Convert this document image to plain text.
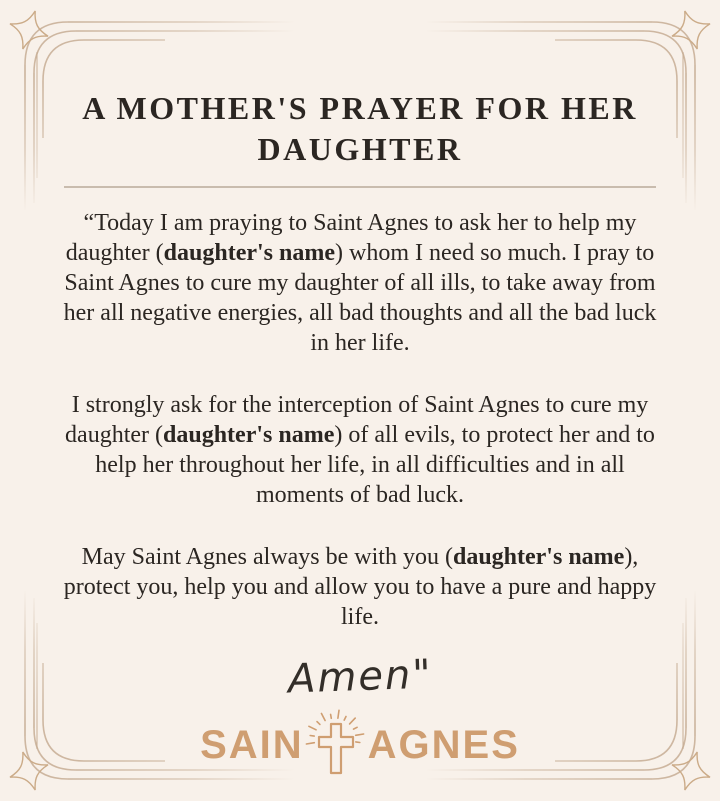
A MOTHER'S PRAYER FOR HER DAUGHTER

“Today I am praying to Saint Agnes to ask her to help my daughter (daughter's name) whom I need so much. I pray to Saint Agnes to cure my daughter of all ills, to take away from her all negative energies, all bad thoughts and all the bad luck in her life.

I strongly ask for the interception of Saint Agnes to cure my daughter (daughter's name) of all evils, to protect her and to help her throughout her life, in all difficulties and in all moments of bad luck.

May Saint Agnes always be with you (daughter's name), protect you, help you and allow you to have a pure and happy life.

Amen"
SAIN AGNES
